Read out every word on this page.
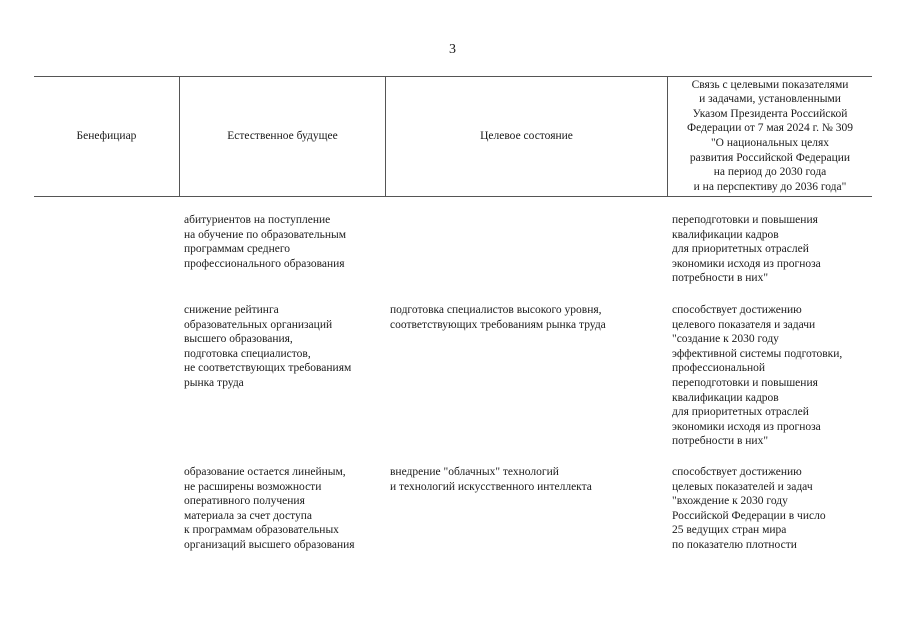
3
Бенефициар	Естественное будущее	Целевое состояние
Связь с целевыми показателями
и задачами, установленными
Указом Президента Российской
Федерации от 7 мая 2024 г. № 309
"О национальных целях
развития Российской Федерации
на период до 2030 года
и на перспективу до 2036 года"
абитуриентов на поступление
на обучение по образовательным
программам среднего
профессионального образования
переподготовки и повышения
квалификации кадров
для приоритетных отраслей
экономики исходя из прогноза
потребности в них"
снижение рейтинга
образовательных организаций
высшего образования,
подготовка специалистов,
не соответствующих требованиям
рынка труда
подготовка специалистов высокого уровня,
соответствующих требованиям рынка труда
способствует достижению
целевого показателя и задачи
"создание к 2030 году
эффективной системы подготовки,
профессиональной
переподготовки и повышения
квалификации кадров
для приоритетных отраслей
экономики исходя из прогноза
потребности в них"
образование остается линейным,
не расширены возможности
оперативного получения
материала за счет доступа
к программам образовательных
организаций высшего образования
внедрение "облачных" технологий
и технологий искусственного интеллекта
способствует достижению
целевых показателей и задач
"вхождение к 2030 году
Российской Федерации в число
25 ведущих стран мира
по показателю плотности
